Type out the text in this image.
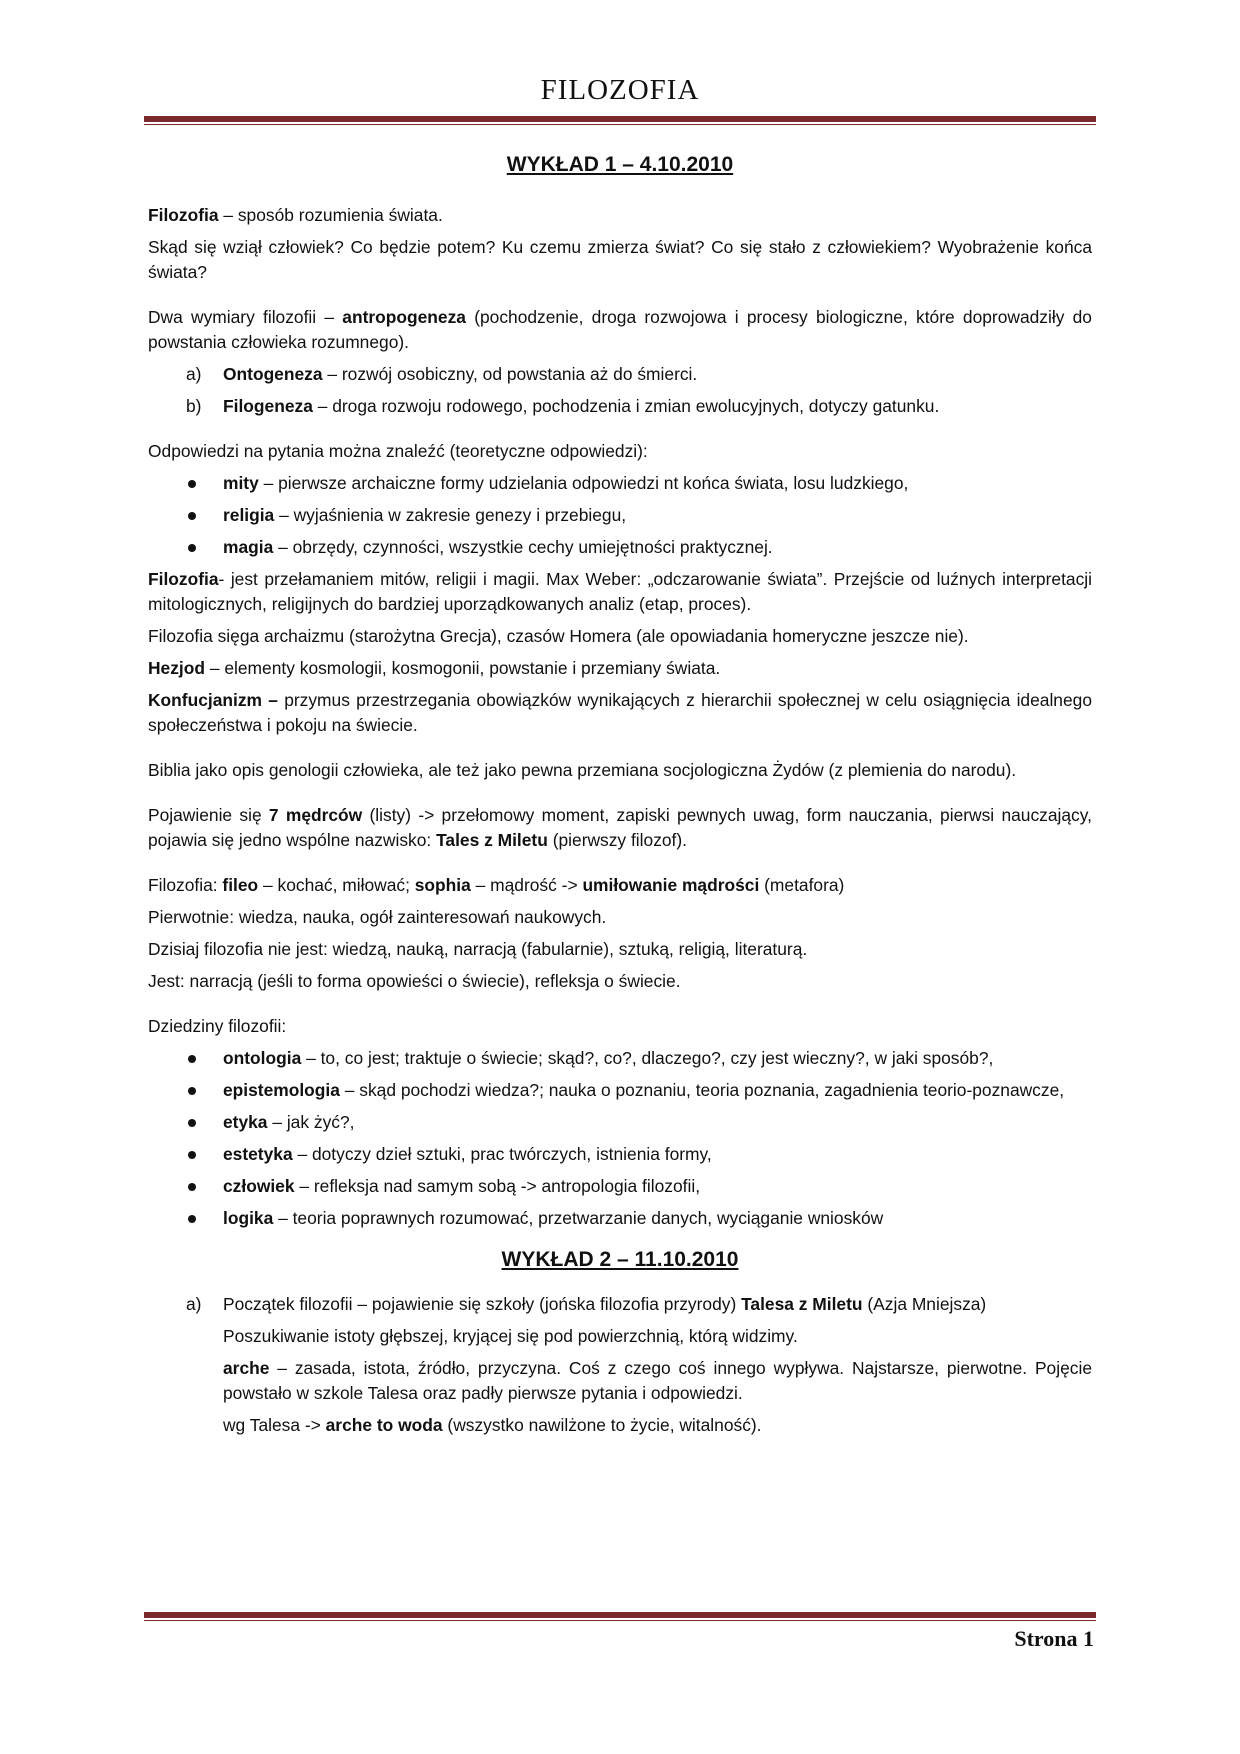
FILOZOFIA
WYKŁAD 1 – 4.10.2010

Filozofia – sposób rozumienia świata.

Skąd się wziął człowiek? Co będzie potem? Ku czemu zmierza świat? Co się stało z człowiekiem? Wyobrażenie końca świata?

Dwa wymiary filozofii – antropogeneza (pochodzenie, droga rozwojowa i procesy biologiczne, które doprowadziły do powstania człowieka rozumnego).

a) Ontogeneza – rozwój osobiczny, od powstania aż do śmierci.
b) Filogeneza – droga rozwoju rodowego, pochodzenia i zmian ewolucyjnych, dotyczy gatunku.

Odpowiedzi na pytania można znaleźć (teoretyczne odpowiedzi):

mity – pierwsze archaiczne formy udzielania odpowiedzi nt końca świata, losu ludzkiego,
religia – wyjaśnienia w zakresie genezy i przebiegu,
magia – obrzędy, czynności, wszystkie cechy umiejętności praktycznej.

Filozofia- jest przełamaniem mitów, religii i magii. Max Weber: „odczarowanie świata”. Przejście od luźnych interpretacji mitologicznych, religijnych do bardziej uporządkowanych analiz (etap, proces).

Filozofia sięga archaizmu (starożytna Grecja), czasów Homera (ale opowiadania homeryczne jeszcze nie).

Hezjod – elementy kosmologii, kosmogonii, powstanie i przemiany świata.

Konfucjanizm – przymus przestrzegania obowiązków wynikających z hierarchii społecznej w celu osiągnięcia idealnego społeczeństwa i pokoju na świecie.

Biblia jako opis genologii człowieka, ale też jako pewna przemiana socjologiczna Żydów (z plemienia do narodu).

Pojawienie się 7 mędrców (listy) -> przełomowy moment, zapiski pewnych uwag, form nauczania, pierwsi nauczający, pojawia się jedno wspólne nazwisko: Tales z Miletu (pierwszy filozof).

Filozofia: fileo – kochać, miłować; sophia – mądrość -> umiłowanie mądrości (metafora)

Pierwotnie: wiedza, nauka, ogół zainteresowań naukowych.

Dzisiaj filozofia nie jest: wiedzą, nauką, narracją (fabularnie), sztuką, religią, literaturą.

Jest: narracją (jeśli to forma opowieści o świecie), refleksja o świecie.

Dziedziny filozofii:

ontologia – to, co jest; traktuje o świecie; skąd?, co?, dlaczego?, czy jest wieczny?, w jaki sposób?,
epistemologia – skąd pochodzi wiedza?; nauka o poznaniu, teoria poznania, zagadnienia teorio-poznawcze,
etyka – jak żyć?,
estetyka – dotyczy dzieł sztuki, prac twórczych, istnienia formy,
człowiek – refleksja nad samym sobą -> antropologia filozofii,
logika – teoria poprawnych rozumować, przetwarzanie danych, wyciąganie wniosków
WYKŁAD 2 – 11.10.2010
a) Początek filozofii – pojawienie się szkoły (jońska filozofia przyrody) Talesa z Miletu (Azja Mniejsza)
Poszukiwanie istoty głębszej, kryjącej się pod powierzchnią, którą widzimy.
arche – zasada, istota, źródło, przyczyna. Coś z czego coś innego wypływa. Najstarsze, pierwotne. Pojęcie powstało w szkole Talesa oraz padły pierwsze pytania i odpowiedzi.
wg Talesa -> arche to woda (wszystko nawilżone to życie, witalność).
Strona 1
